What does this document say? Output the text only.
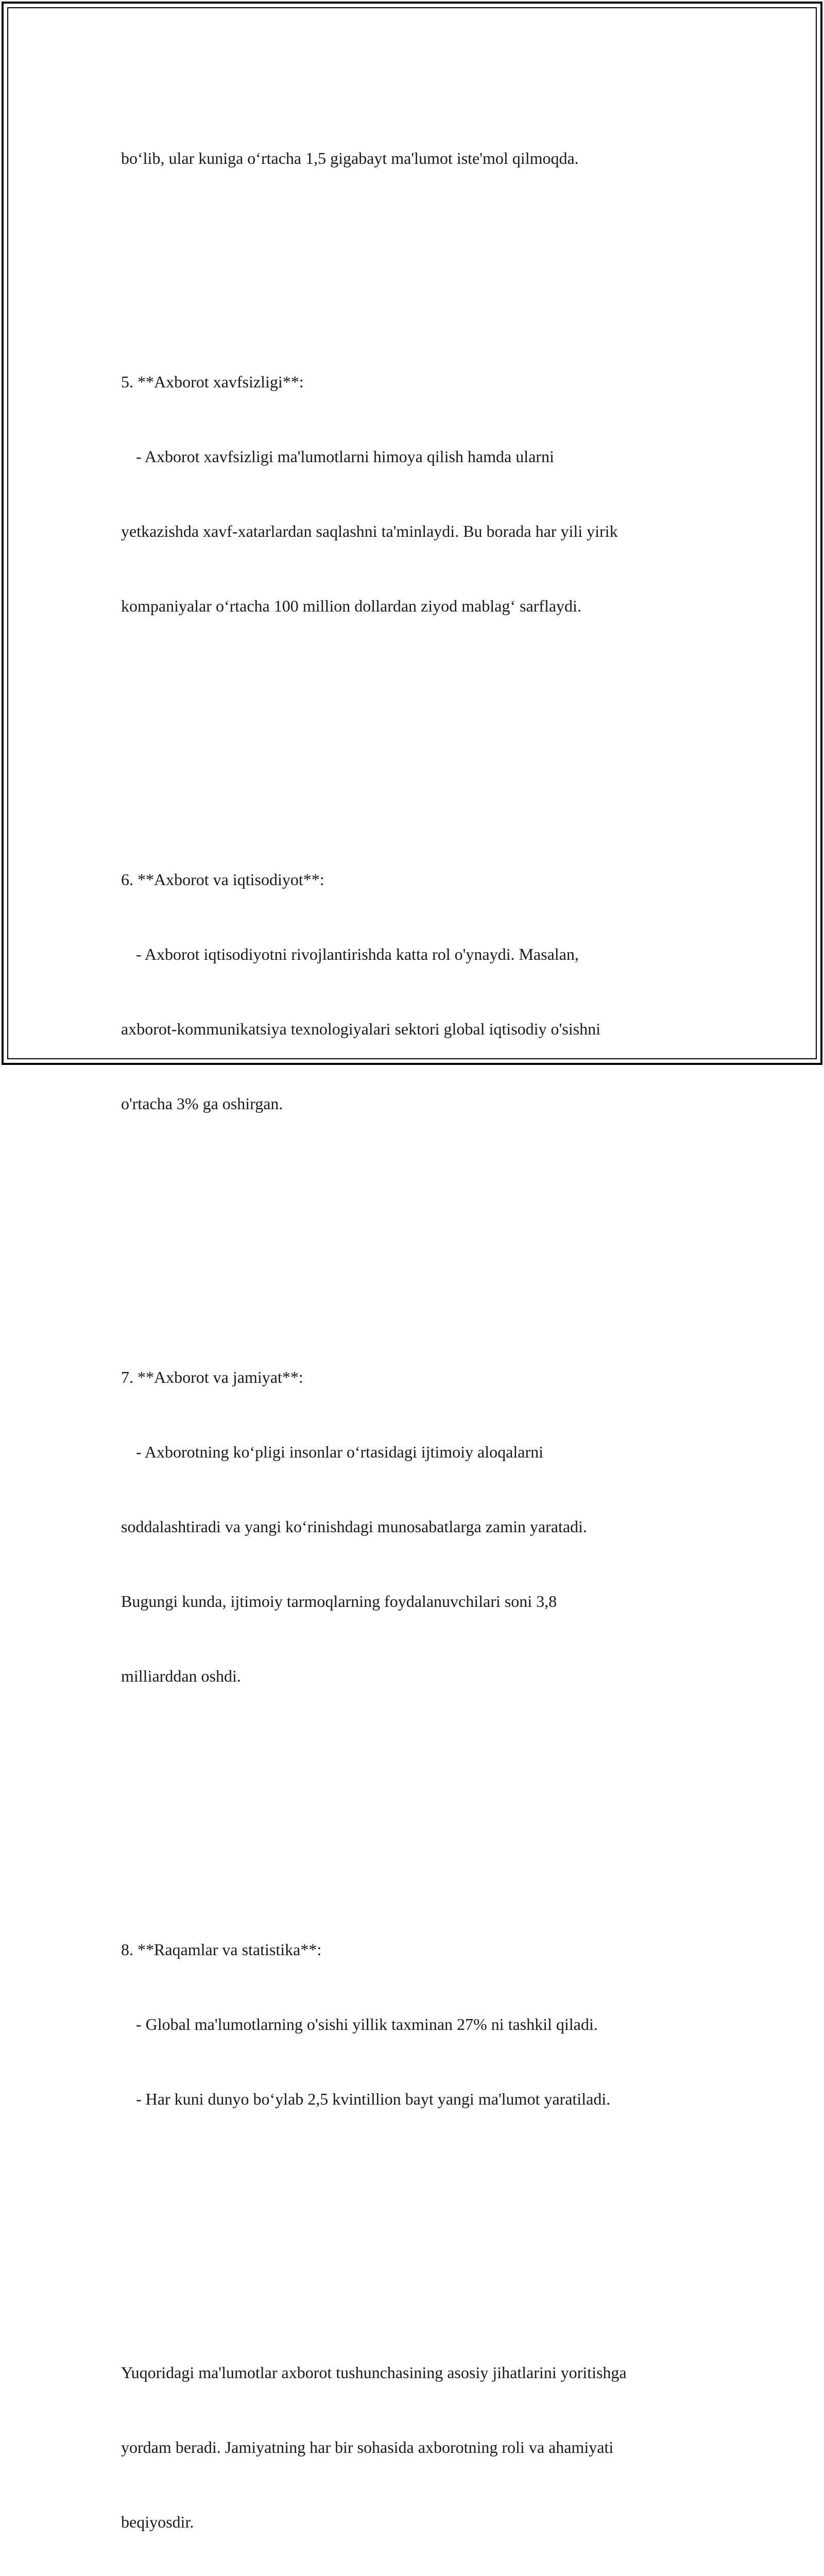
bo‘lib, ular kuniga o‘rtacha 1,5 gigabayt ma'lumot iste'mol qilmoqda.

5. **Axborot xavfsizligi**:

- Axborot xavfsizligi ma'lumotlarni himoya qilish hamda ularni

yetkazishda xavf-xatarlardan saqlashni ta'minlaydi. Bu borada har yili yirik

kompaniyalar o‘rtacha 100 million dollardan ziyod mablag‘ sarflaydi.

6. **Axborot va iqtisodiyot**:

- Axborot iqtisodiyotni rivojlantirishda katta rol o'ynaydi. Masalan,

axborot-kommunikatsiya texnologiyalari sektori global iqtisodiy o'sishni

o'rtacha 3% ga oshirgan.

7. **Axborot va jamiyat**:

- Axborotning ko‘pligi insonlar o‘rtasidagi ijtimoiy aloqalarni

soddalashtiradi va yangi ko‘rinishdagi munosabatlarga zamin yaratadi.

Bugungi kunda, ijtimoiy tarmoqlarning foydalanuvchilari soni 3,8

milliarddan oshdi.

8. **Raqamlar va statistika**:

- Global ma'lumotlarning o'sishi yillik taxminan 27% ni tashkil qiladi.

- Har kuni dunyo bo‘ylab 2,5 kvintillion bayt yangi ma'lumot yaratiladi.

Yuqoridagi ma'lumotlar axborot tushunchasining asosiy jihatlarini yoritishga

yordam beradi. Jamiyatning har bir sohasida axborotning roli va ahamiyati

beqiyosdir.
